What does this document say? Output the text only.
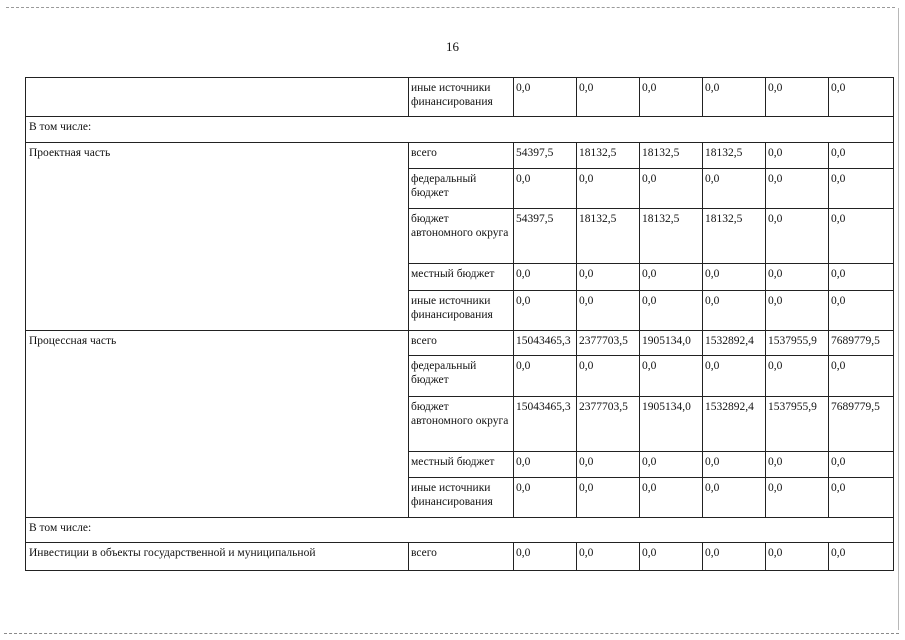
16
	иные источники финансирования	0,0	0,0	0,0	0,0	0,0	0,0
В том числе:							
Проектная часть	всего	54397,5	18132,5	18132,5	18132,5	0,0	0,0
	федеральный бюджет	0,0	0,0	0,0	0,0	0,0	0,0
	бюджет автономного округа	54397,5	18132,5	18132,5	18132,5	0,0	0,0
	местный бюджет	0,0	0,0	0,0	0,0	0,0	0,0
	иные источники финансирования	0,0	0,0	0,0	0,0	0,0	0,0
Процессная часть	всего	15043465,3	2377703,5	1905134,0	1532892,4	1537955,9	7689779,5
	федеральный бюджет	0,0	0,0	0,0	0,0	0,0	0,0
	бюджет автономного округа	15043465,3	2377703,5	1905134,0	1532892,4	1537955,9	7689779,5
	местный бюджет	0,0	0,0	0,0	0,0	0,0	0,0
	иные источники финансирования	0,0	0,0	0,0	0,0	0,0	0,0
В том числе:							
Инвестиции в объекты государственной и муниципальной	всего	0,0	0,0	0,0	0,0	0,0	0,0
